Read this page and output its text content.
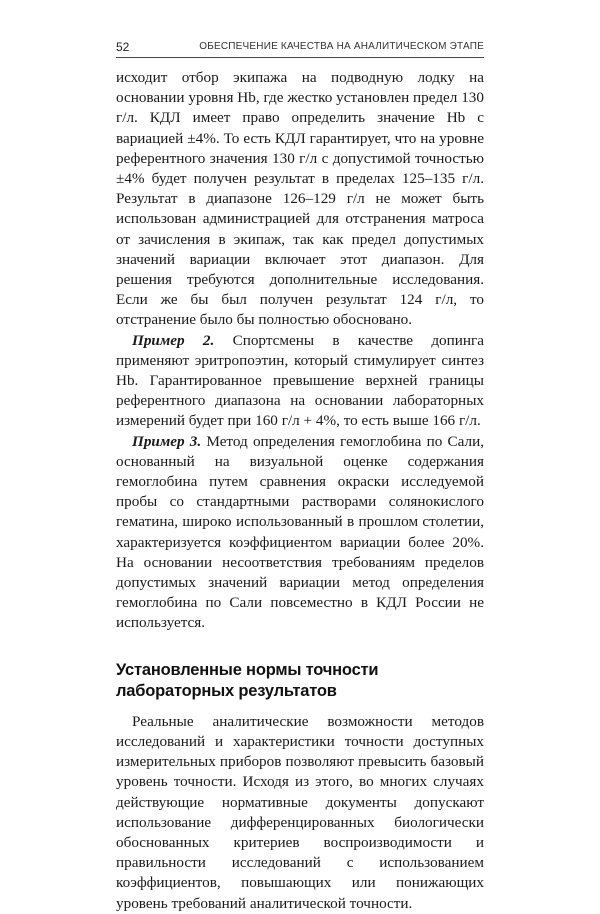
52	ОБЕСПЕЧЕНИЕ КАЧЕСТВА НА АНАЛИТИЧЕСКОМ ЭТАПЕ

исходит отбор экипажа на подводную лодку на основании уровня Hb, где жестко установлен предел 130 г/л. КДЛ имеет право определить значение Hb с вариацией ±4%. То есть КДЛ гарантирует, что на уровне референтного значения 130 г/л с допустимой точностью ±4% будет получен результат в пределах 125–135 г/л. Результат в диапазоне 126–129 г/л не может быть использован администрацией для отстранения матроса от зачисления в экипаж, так как предел допустимых значений вариации включает этот диапазон. Для решения требуются дополнительные исследования. Если же бы был получен результат 124 г/л, то отстранение было бы полностью обосновано.

Пример 2. Спортсмены в качестве допинга применяют эритропоэтин, который стимулирует синтез Hb. Гарантированное превышение верхней границы референтного диапазона на основании лабораторных измерений будет при 160 г/л + 4%, то есть выше 166 г/л.

Пример 3. Метод определения гемоглобина по Сали, основанный на визуальной оценке содержания гемоглобина путем сравнения окраски исследуемой пробы со стандартными растворами солянокислого гематина, широко использованный в прошлом столетии, характеризуется коэффициентом вариации более 20%. На основании несоответствия требованиям пределов допустимых значений вариации метод определения гемоглобина по Сали повсеместно в КДЛ России не используется.

Установленные нормы точности лабораторных результатов

Реальные аналитические возможности методов исследований и характеристики точности доступных измерительных приборов позволяют превысить базовый уровень точности. Исходя из этого, во многих случаях действующие нормативные документы допускают использование дифференцированных биологически обоснованных критериев воспроизводимости и правильности исследований с использованием коэффициентов, повышающих или понижающих уровень требований аналитической точности.
